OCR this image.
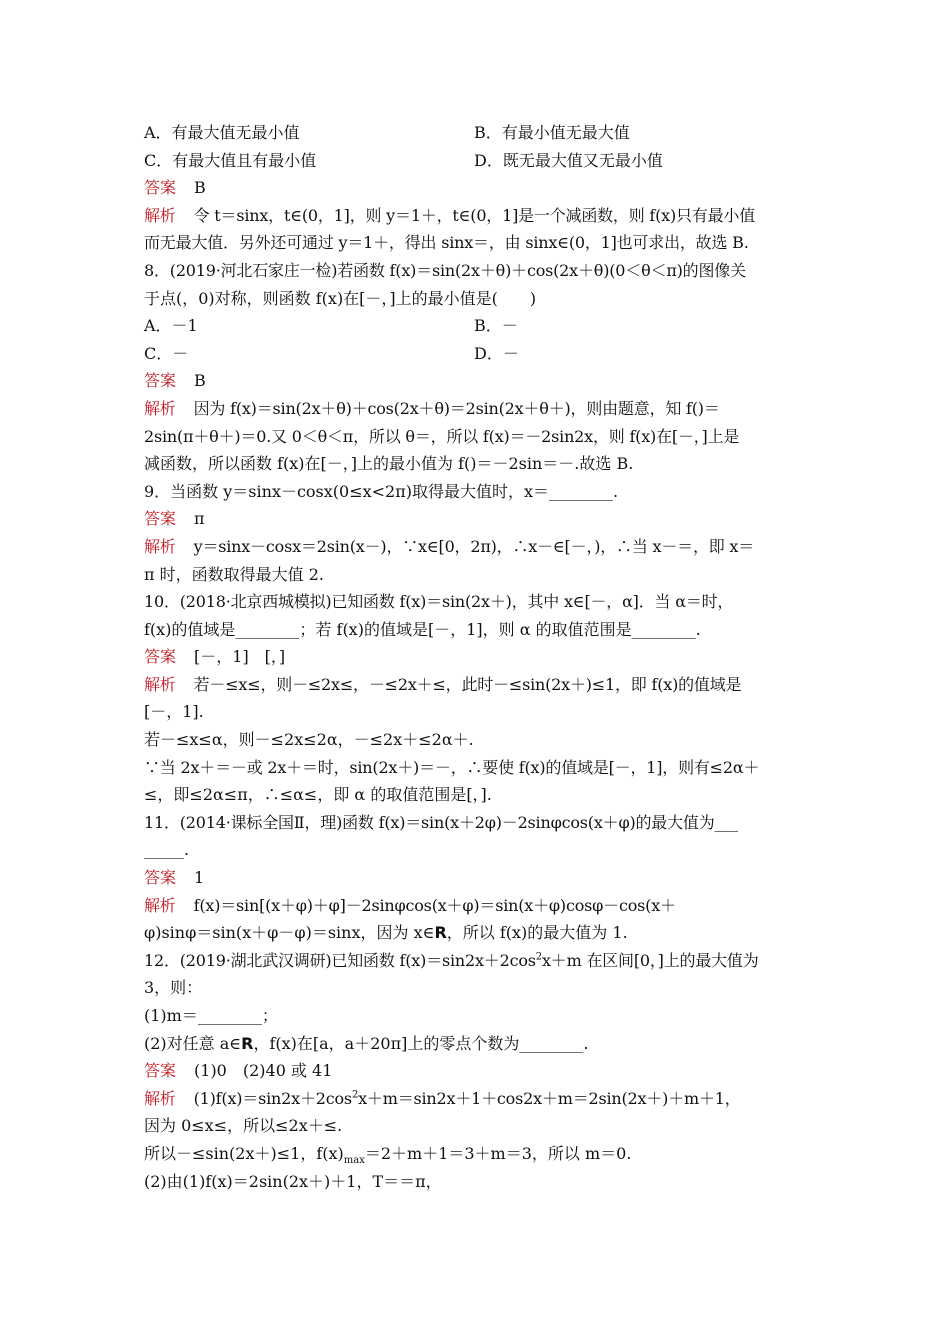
A．有最大值无最小值	B．有最小值无最大值
C．有最大值且有最小值	D．既无最大值又无最小值
答案 B
解析 令 t＝sinx，t∈(0，1]，则 y＝1＋，t∈(0，1]是一个减函数，则 f(x)只有最小值
而无最大值．另外还可通过 y＝1＋，得出 sinx＝，由 sinx∈(0，1]也可求出，故选 B.
8．(2019·河北石家庄一检)若函数 f(x)＝sin(2x＋θ)＋cos(2x＋θ)(0＜θ＜π)的图像关
于点(，0)对称，则函数 f(x)在[－，]上的最小值是(　　)
A．－1	B．－
C．－	D．－
答案 B
解析 因为 f(x)＝sin(2x＋θ)＋cos(2x＋θ)＝2sin(2x＋θ＋)，则由题意，知 f()＝
2sin(π＋θ＋)＝0.又 0＜θ＜π，所以 θ＝，所以 f(x)＝－2sin2x，则 f(x)在[－，]上是
减函数，所以函数 f(x)在[－，]上的最小值为 f()＝－2sin＝－.故选 B.
9．当函数 y＝sinx－cosx(0≤x<2π)取得最大值时，x＝________.
答案 π
解析 y＝sinx－cosx＝2sin(x－)，∵x∈[0，2π)，∴x－∈[－，)，∴当 x－＝，即 x＝
π 时，函数取得最大值 2.
10．(2018·北京西城模拟)已知函数 f(x)＝sin(2x＋)，其中 x∈[－，α]．当 α＝时，
f(x)的值域是________；若 f(x)的值域是[－，1]，则 α 的取值范围是________.
答案 [－，1]　[，]
解析 若－≤x≤，则－≤2x≤，－≤2x＋≤，此时－≤sin(2x＋)≤1，即 f(x)的值域是
[－，1].
若－≤x≤α，则－≤2x≤2α，－≤2x＋≤2α＋.
∵当 2x＋＝－或 2x＋＝时，sin(2x＋)＝－，∴要使 f(x)的值域是[－，1]，则有≤2α＋
≤，即≤2α≤π，∴≤α≤，即 α 的取值范围是[，].
11．(2014·课标全国Ⅱ，理)函数 f(x)＝sin(x＋2φ)－2sinφcos(x＋φ)的最大值为___
_____.
答案 1
解析 f(x)＝sin[(x＋φ)＋φ]－2sinφcos(x＋φ)＝sin(x＋φ)cosφ－cos(x＋
φ)sinφ＝sin(x＋φ－φ)＝sinx，因为 x∈R，所以 f(x)的最大值为 1.
12．(2019·湖北武汉调研)已知函数 $f(x)=\sin 2x+2\cos^2x+m$ 在区间[0，]上的最大值为
3，则：
(1)m＝________；
(2)对任意 a∈R，f(x)在[a，a＋20π]上的零点个数为________.
答案 (1)0　(2)40 或 41
解析 $(1)f(x)=\sin 2x+2\cos^2x+m=\sin 2x+1+\cos 2x+m=2\sin(2x+)+m+1$，
因为 0≤x≤，所以≤2x＋≤.
所以－≤sin(2x＋)≤1，$f(x)_{max}=2+m+1=3+m=3$，所以 m＝0.
(2)由(1)f(x)＝2sin(2x＋)＋1，T＝＝π，
